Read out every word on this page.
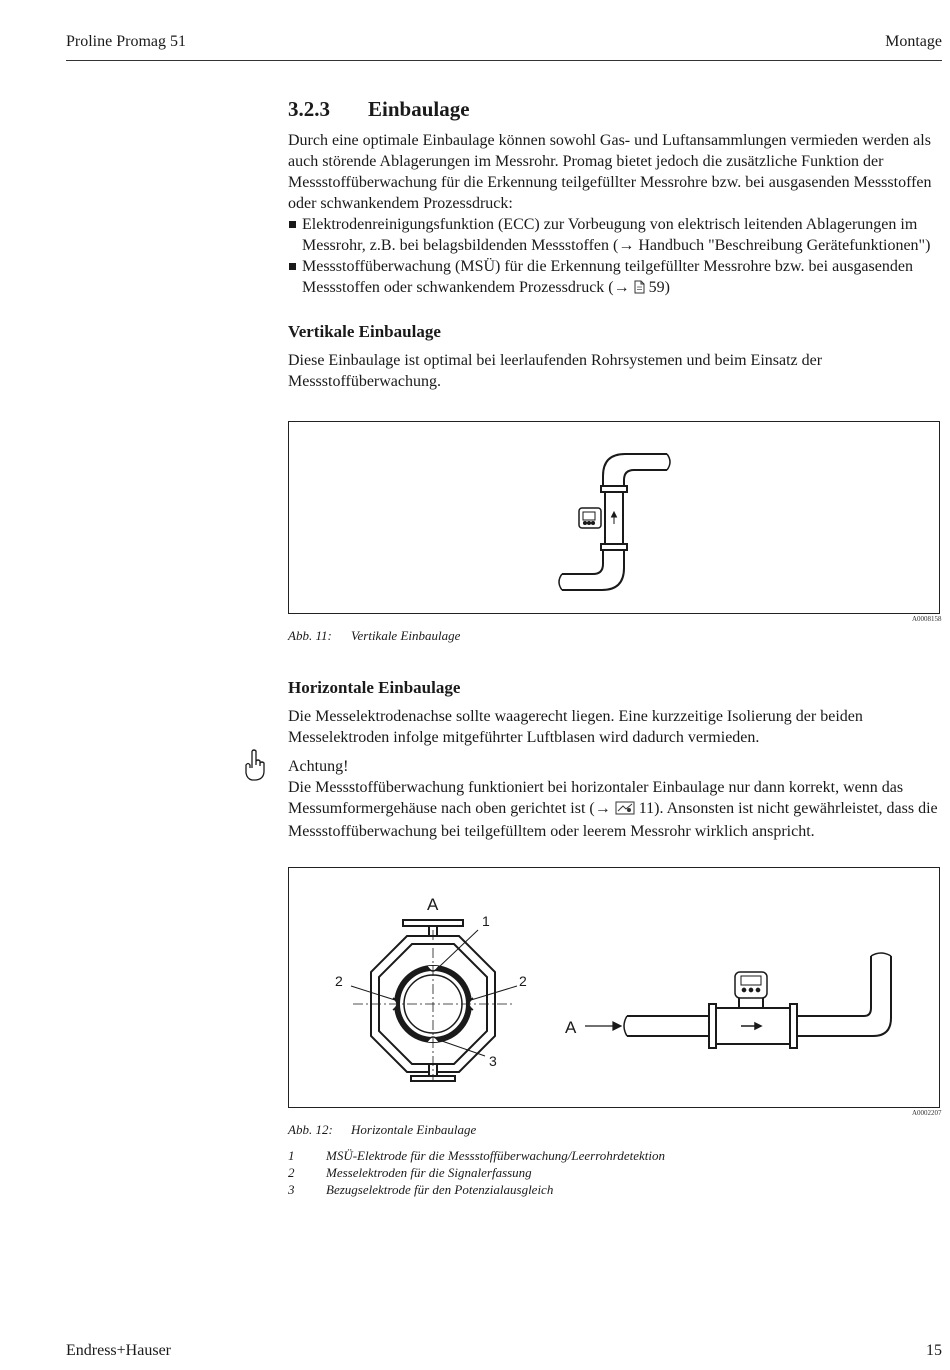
Proline Promag 51	Montage
3.2.3 Einbaulage

Durch eine optimale Einbaulage können sowohl Gas- und Luftansammlungen vermieden werden als auch störende Ablagerungen im Messrohr. Promag bietet jedoch die zusätzliche Funktion der Messstoffüberwachung für die Erkennung teilgefüllter Messrohre bzw. bei ausgasenden Messstoffen oder schwankendem Prozessdruck:

Elektrodenreinigungsfunktion (ECC) zur Vorbeugung von elektrisch leitenden Ablagerungen im Messrohr, z.B. bei belagsbildenden Messstoffen (→ Handbuch "Beschreibung Gerätefunktionen")
Messstoffüberwachung (MSÜ) für die Erkennung teilgefüllter Messrohre bzw. bei ausgasenden Messstoffen oder schwankendem Prozessdruck (→  59)
Vertikale Einbaulage
Diese Einbaulage ist optimal bei leerlaufenden Rohrsystemen und beim Einsatz der Messstoffüberwachung.
A0008158
Abb. 11: Vertikale Einbaulage
Horizontale Einbaulage
Die Messelektrodenachse sollte waagerecht liegen. Eine kurzzeitige Isolierung der beiden Messelektroden infolge mitgeführter Luftblasen wird dadurch vermieden.
Achtung!
Die Messstoffüberwachung funktioniert bei horizontaler Einbaulage nur dann korrekt, wenn das Messumformergehäuse nach oben gerichtet ist (→  11). Ansonsten ist nicht gewährleistet, dass die Messstoffüberwachung bei teilgefülltem oder leerem Messrohr wirklich anspricht.
A
1
2	2
3
A
A0002207
Abb. 12: Horizontale Einbaulage
1 MSÜ-Elektrode für die Messstoffüberwachung/Leerrohrdetektion
2 Messelektroden für die Signalerfassung
3 Bezugselektrode für den Potenzialausgleich
Endress+Hauser	15
